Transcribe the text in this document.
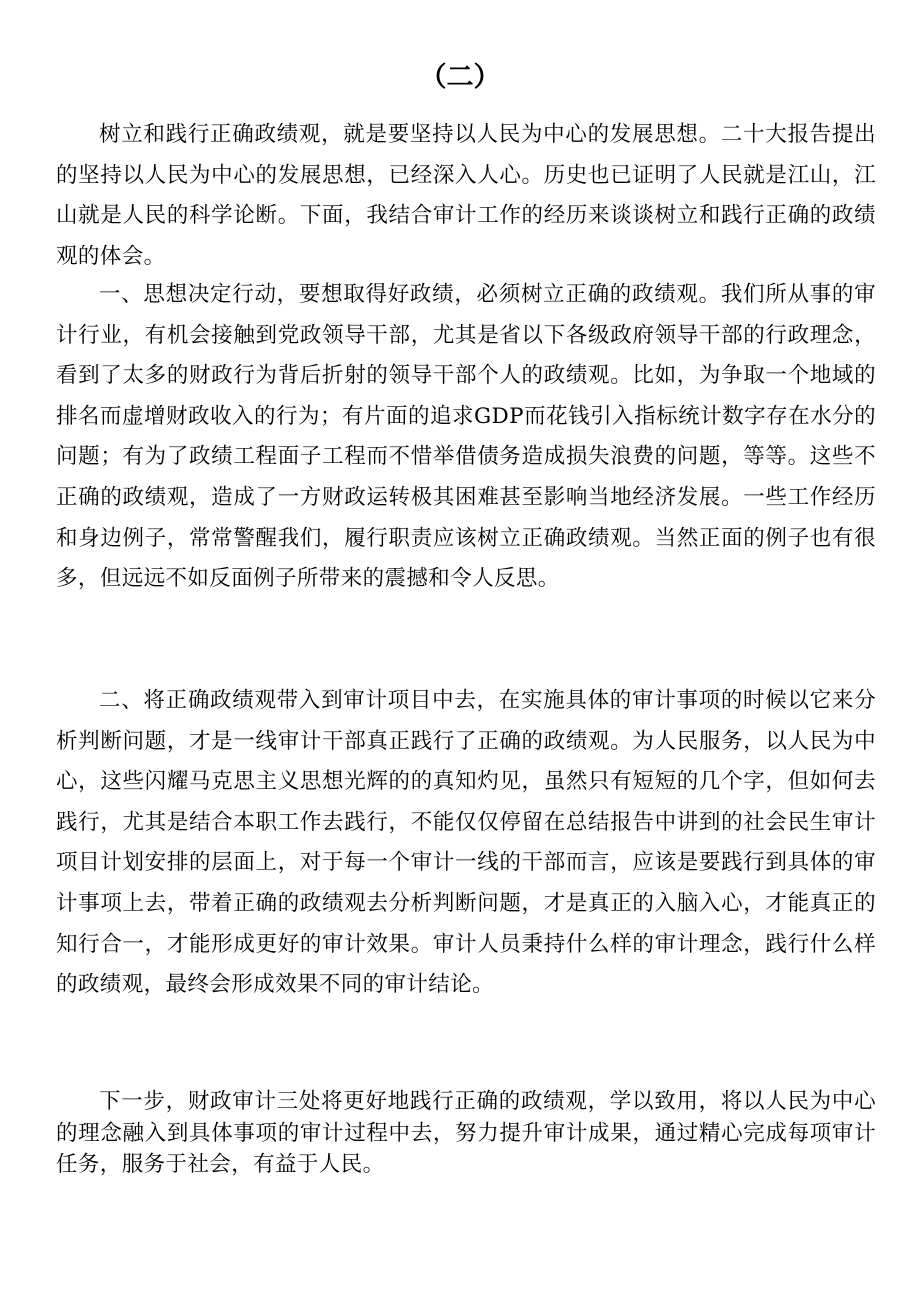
（二）

树立和践行正确政绩观，就是要坚持以人民为中心的发展思想。二十大报告提出的坚持以人民为中心的发展思想，已经深入人心。历史也已证明了人民就是江山，江山就是人民的科学论断。下面，我结合审计工作的经历来谈谈树立和践行正确的政绩观的体会。

一、思想决定行动，要想取得好政绩，必须树立正确的政绩观。我们所从事的审计行业，有机会接触到党政领导干部，尤其是省以下各级政府领导干部的行政理念，看到了太多的财政行为背后折射的领导干部个人的政绩观。比如，为争取一个地域的排名而虚增财政收入的行为；有片面的追求GDP而花钱引入指标统计数字存在水分的问题；有为了政绩工程面子工程而不惜举借债务造成损失浪费的问题，等等。这些不正确的政绩观，造成了一方财政运转极其困难甚至影响当地经济发展。一些工作经历和身边例子，常常警醒我们，履行职责应该树立正确政绩观。当然正面的例子也有很多，但远远不如反面例子所带来的震撼和令人反思。

二、将正确政绩观带入到审计项目中去，在实施具体的审计事项的时候以它来分析判断问题，才是一线审计干部真正践行了正确的政绩观。为人民服务，以人民为中心，这些闪耀马克思主义思想光辉的的真知灼见，虽然只有短短的几个字，但如何去践行，尤其是结合本职工作去践行，不能仅仅停留在总结报告中讲到的社会民生审计项目计划安排的层面上，对于每一个审计一线的干部而言，应该是要践行到具体的审计事项上去，带着正确的政绩观去分析判断问题，才是真正的入脑入心，才能真正的知行合一，才能形成更好的审计效果。审计人员秉持什么样的审计理念，践行什么样的政绩观，最终会形成效果不同的审计结论。

下一步，财政审计三处将更好地践行正确的政绩观，学以致用，将以人民为中心的理念融入到具体事项的审计过程中去，努力提升审计成果，通过精心完成每项审计任务，服务于社会，有益于人民。
